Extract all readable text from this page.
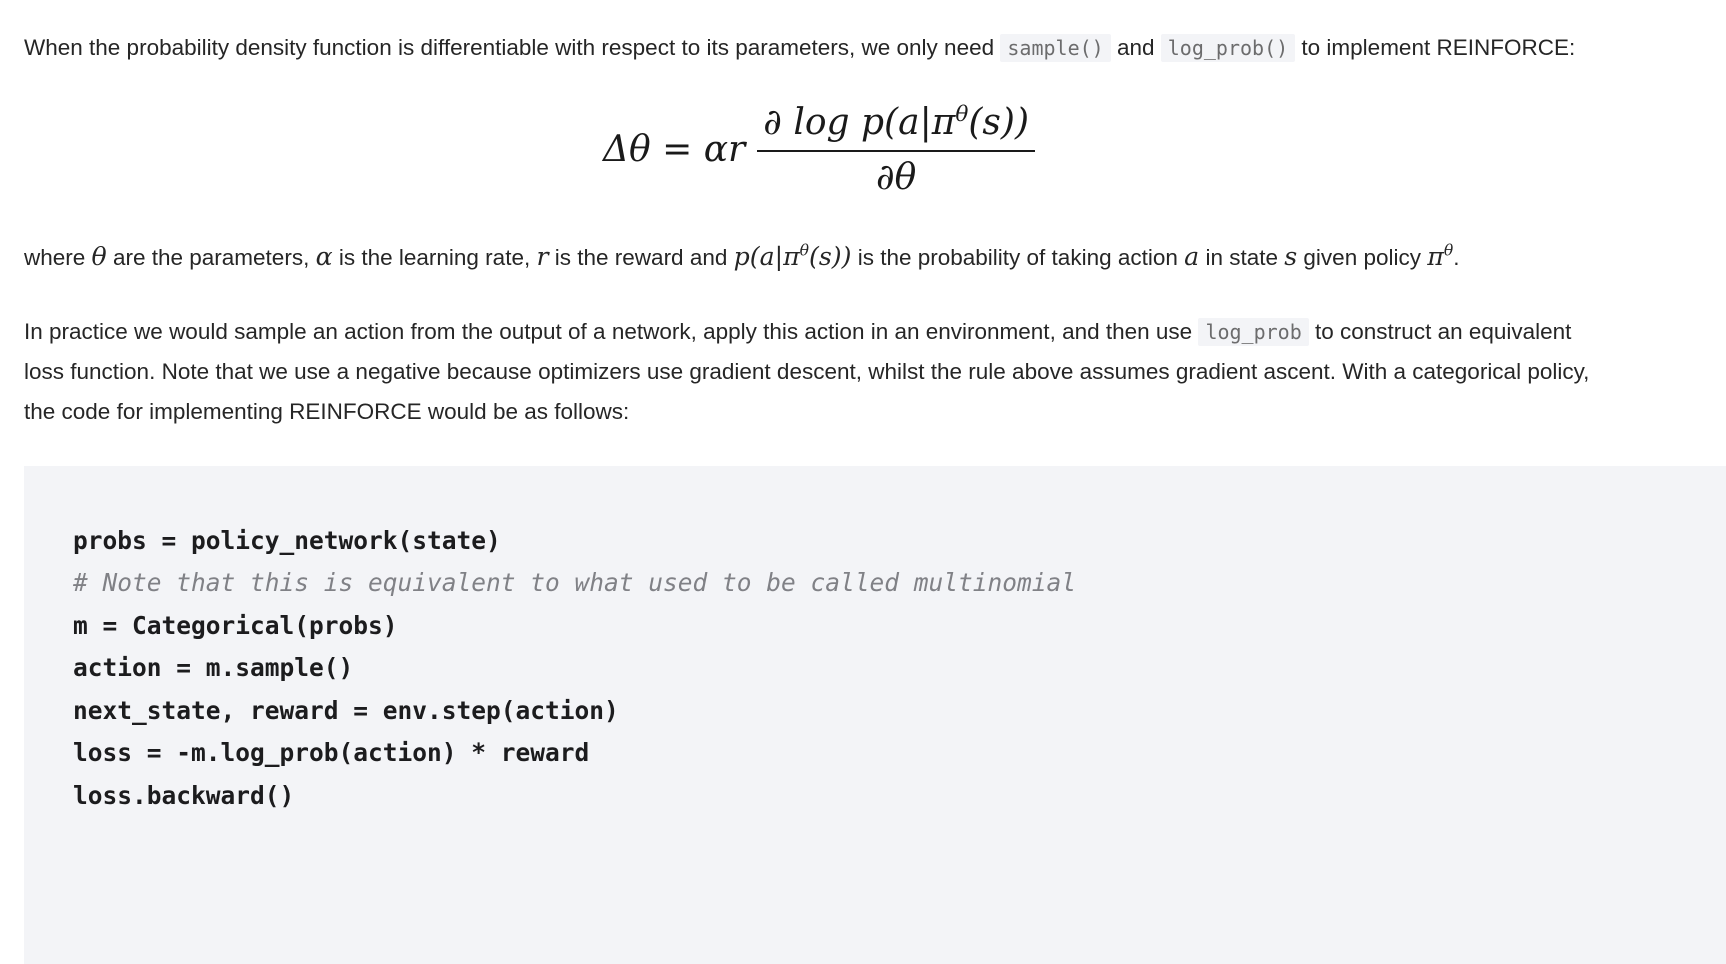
When the probability density function is differentiable with respect to its parameters, we only need sample() and log_prob() to implement REINFORCE:

Δθ = αr $\frac{\partial \log p(a|\pi^\theta(s))}{\partial\theta}$

where θ are the parameters, α is the learning rate, r is the reward and $p(a|\pi^\theta(s))$ is the probability of taking action a in state s given policy $\pi^\theta$.

In practice we would sample an action from the output of a network, apply this action in an environment, and then use log_prob to construct an equivalent loss function. Note that we use a negative because optimizers use gradient descent, whilst the rule above assumes gradient ascent. With a categorical policy, the code for implementing REINFORCE would be as follows:

probs = policy_network(state)
# Note that this is equivalent to what used to be called multinomial
m = Categorical(probs)
action = m.sample()
next_state, reward = env.step(action)
loss = -m.log_prob(action) * reward
loss.backward()
